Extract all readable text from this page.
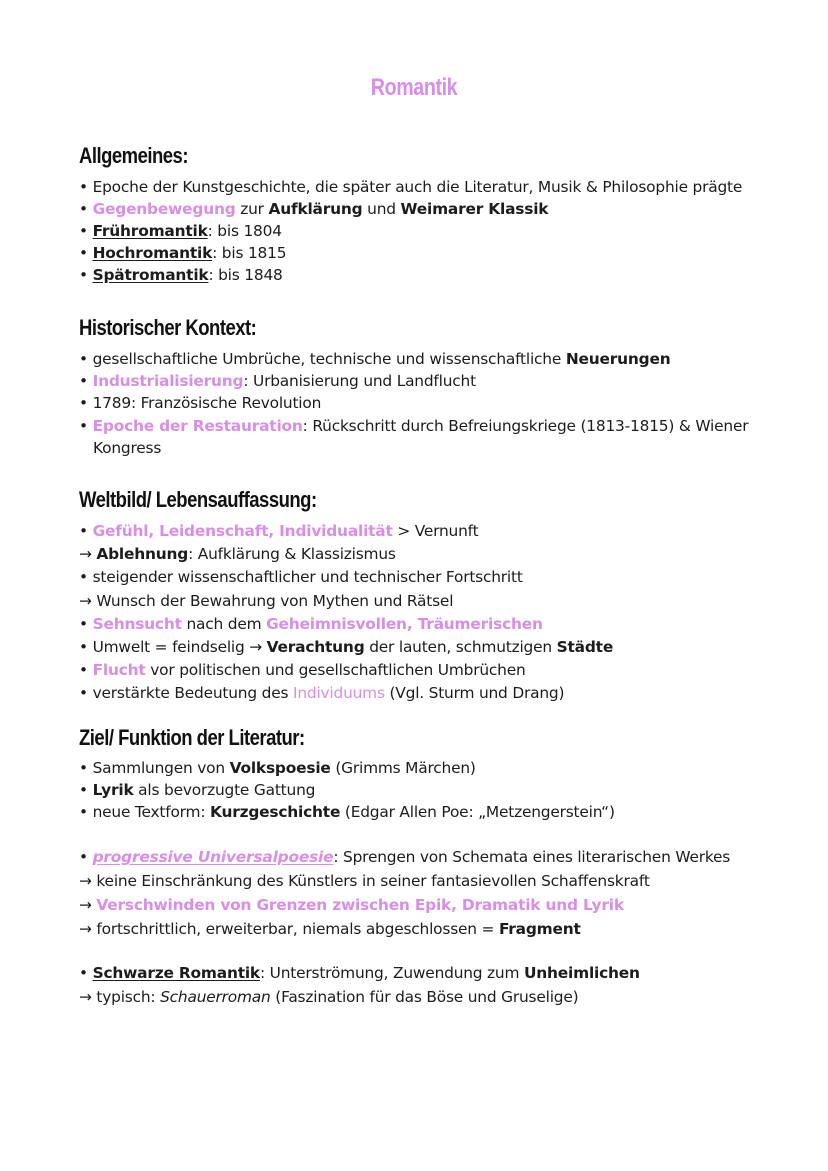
Romantik
Allgemeines:
• Epoche der Kunstgeschichte, die später auch die Literatur, Musik & Philosophie prägte
• Gegenbewegung zur Aufklärung und Weimarer Klassik
• Frühromantik: bis 1804
• Hochromantik: bis 1815
• Spätromantik: bis 1848
Historischer Kontext:
• gesellschaftliche Umbrüche, technische und wissenschaftliche Neuerungen
• Industrialisierung: Urbanisierung und Landflucht
• 1789: Französische Revolution
• Epoche der Restauration: Rückschritt durch Befreiungskriege (1813-1815) & Wiener
Kongress
Weltbild/ Lebensauffassung:
• Gefühl, Leidenschaft, Individualität > Vernunft
→ Ablehnung: Aufklärung & Klassizismus
• steigender wissenschaftlicher und technischer Fortschritt
→ Wunsch der Bewahrung von Mythen und Rätsel
• Sehnsucht nach dem Geheimnisvollen, Träumerischen
• Umwelt = feindselig → Verachtung der lauten, schmutzigen Städte
• Flucht vor politischen und gesellschaftlichen Umbrüchen
• verstärkte Bedeutung des Individuums (Vgl. Sturm und Drang)
Ziel/ Funktion der Literatur:
• Sammlungen von Volkspoesie (Grimms Märchen)
• Lyrik als bevorzugte Gattung
• neue Textform: Kurzgeschichte (Edgar Allen Poe: „Metzengerstein“)
• progressive Universalpoesie: Sprengen von Schemata eines literarischen Werkes
→ keine Einschränkung des Künstlers in seiner fantasievollen Schaffenskraft
→ Verschwinden von Grenzen zwischen Epik, Dramatik und Lyrik
→ fortschrittlich, erweiterbar, niemals abgeschlossen = Fragment
• Schwarze Romantik: Unterströmung, Zuwendung zum Unheimlichen
→ typisch: Schauerroman (Faszination für das Böse und Gruselige)
